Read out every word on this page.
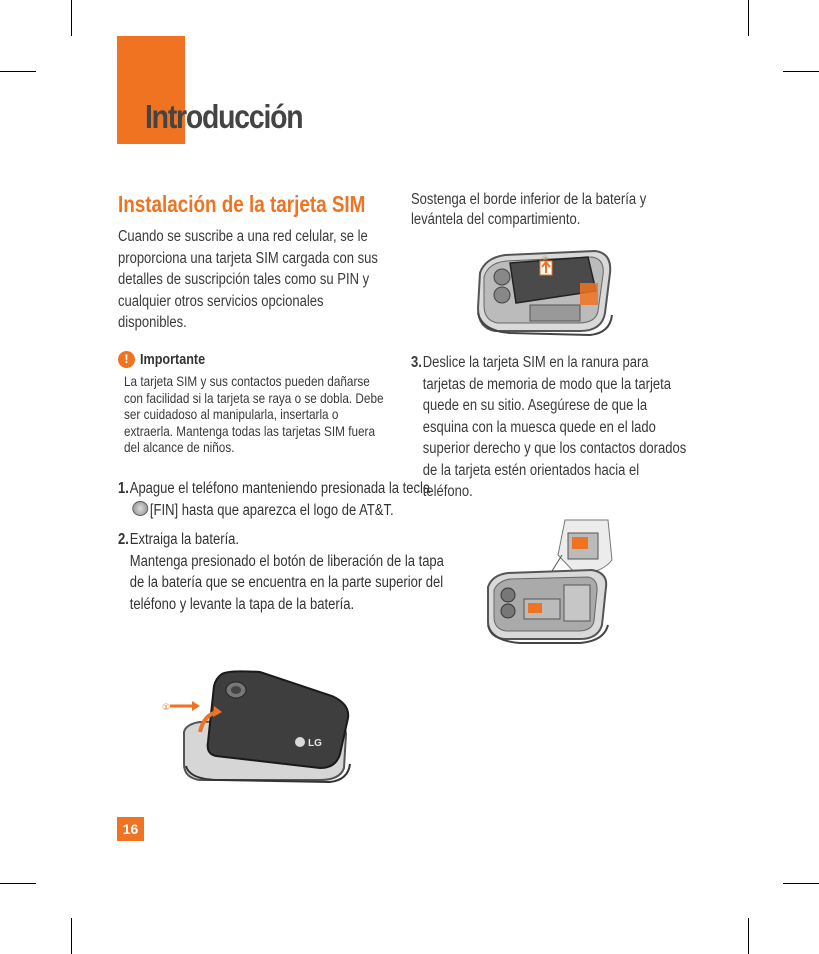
Introducción
Instalación de la tarjeta SIM

Cuando se suscribe a una red celular, se le proporciona una tarjeta SIM cargada con sus detalles de suscripción tales como su PIN y cualquier otros servicios opcionales disponibles.

! Importante

La tarjeta SIM y sus contactos pueden dañarse con facilidad si la tarjeta se raya o se dobla. Debe ser cuidadoso al manipularla, insertarla o extraerla. Mantenga todas las tarjetas SIM fuera del alcance de niños.

1. Apague el teléfono manteniendo presionada la tecla [FIN] hasta que aparezca el logo de AT&T.
2. Extraiga la batería.
Mantenga presionado el botón de liberación de la tapa de la batería que se encuentra en la parte superior del teléfono y levante la tapa de la batería.

Sostenga el borde inferior de la batería y levántela del compartimiento.

3. Deslice la tarjeta SIM en la ranura para tarjetas de memoria de modo que la tarjeta quede en su sitio. Asegúrese de que la esquina con la muesca quede en el lado superior derecho y que los contactos dorados de la tarjeta estén orientados hacia el teléfono.
②
LG
①
16
